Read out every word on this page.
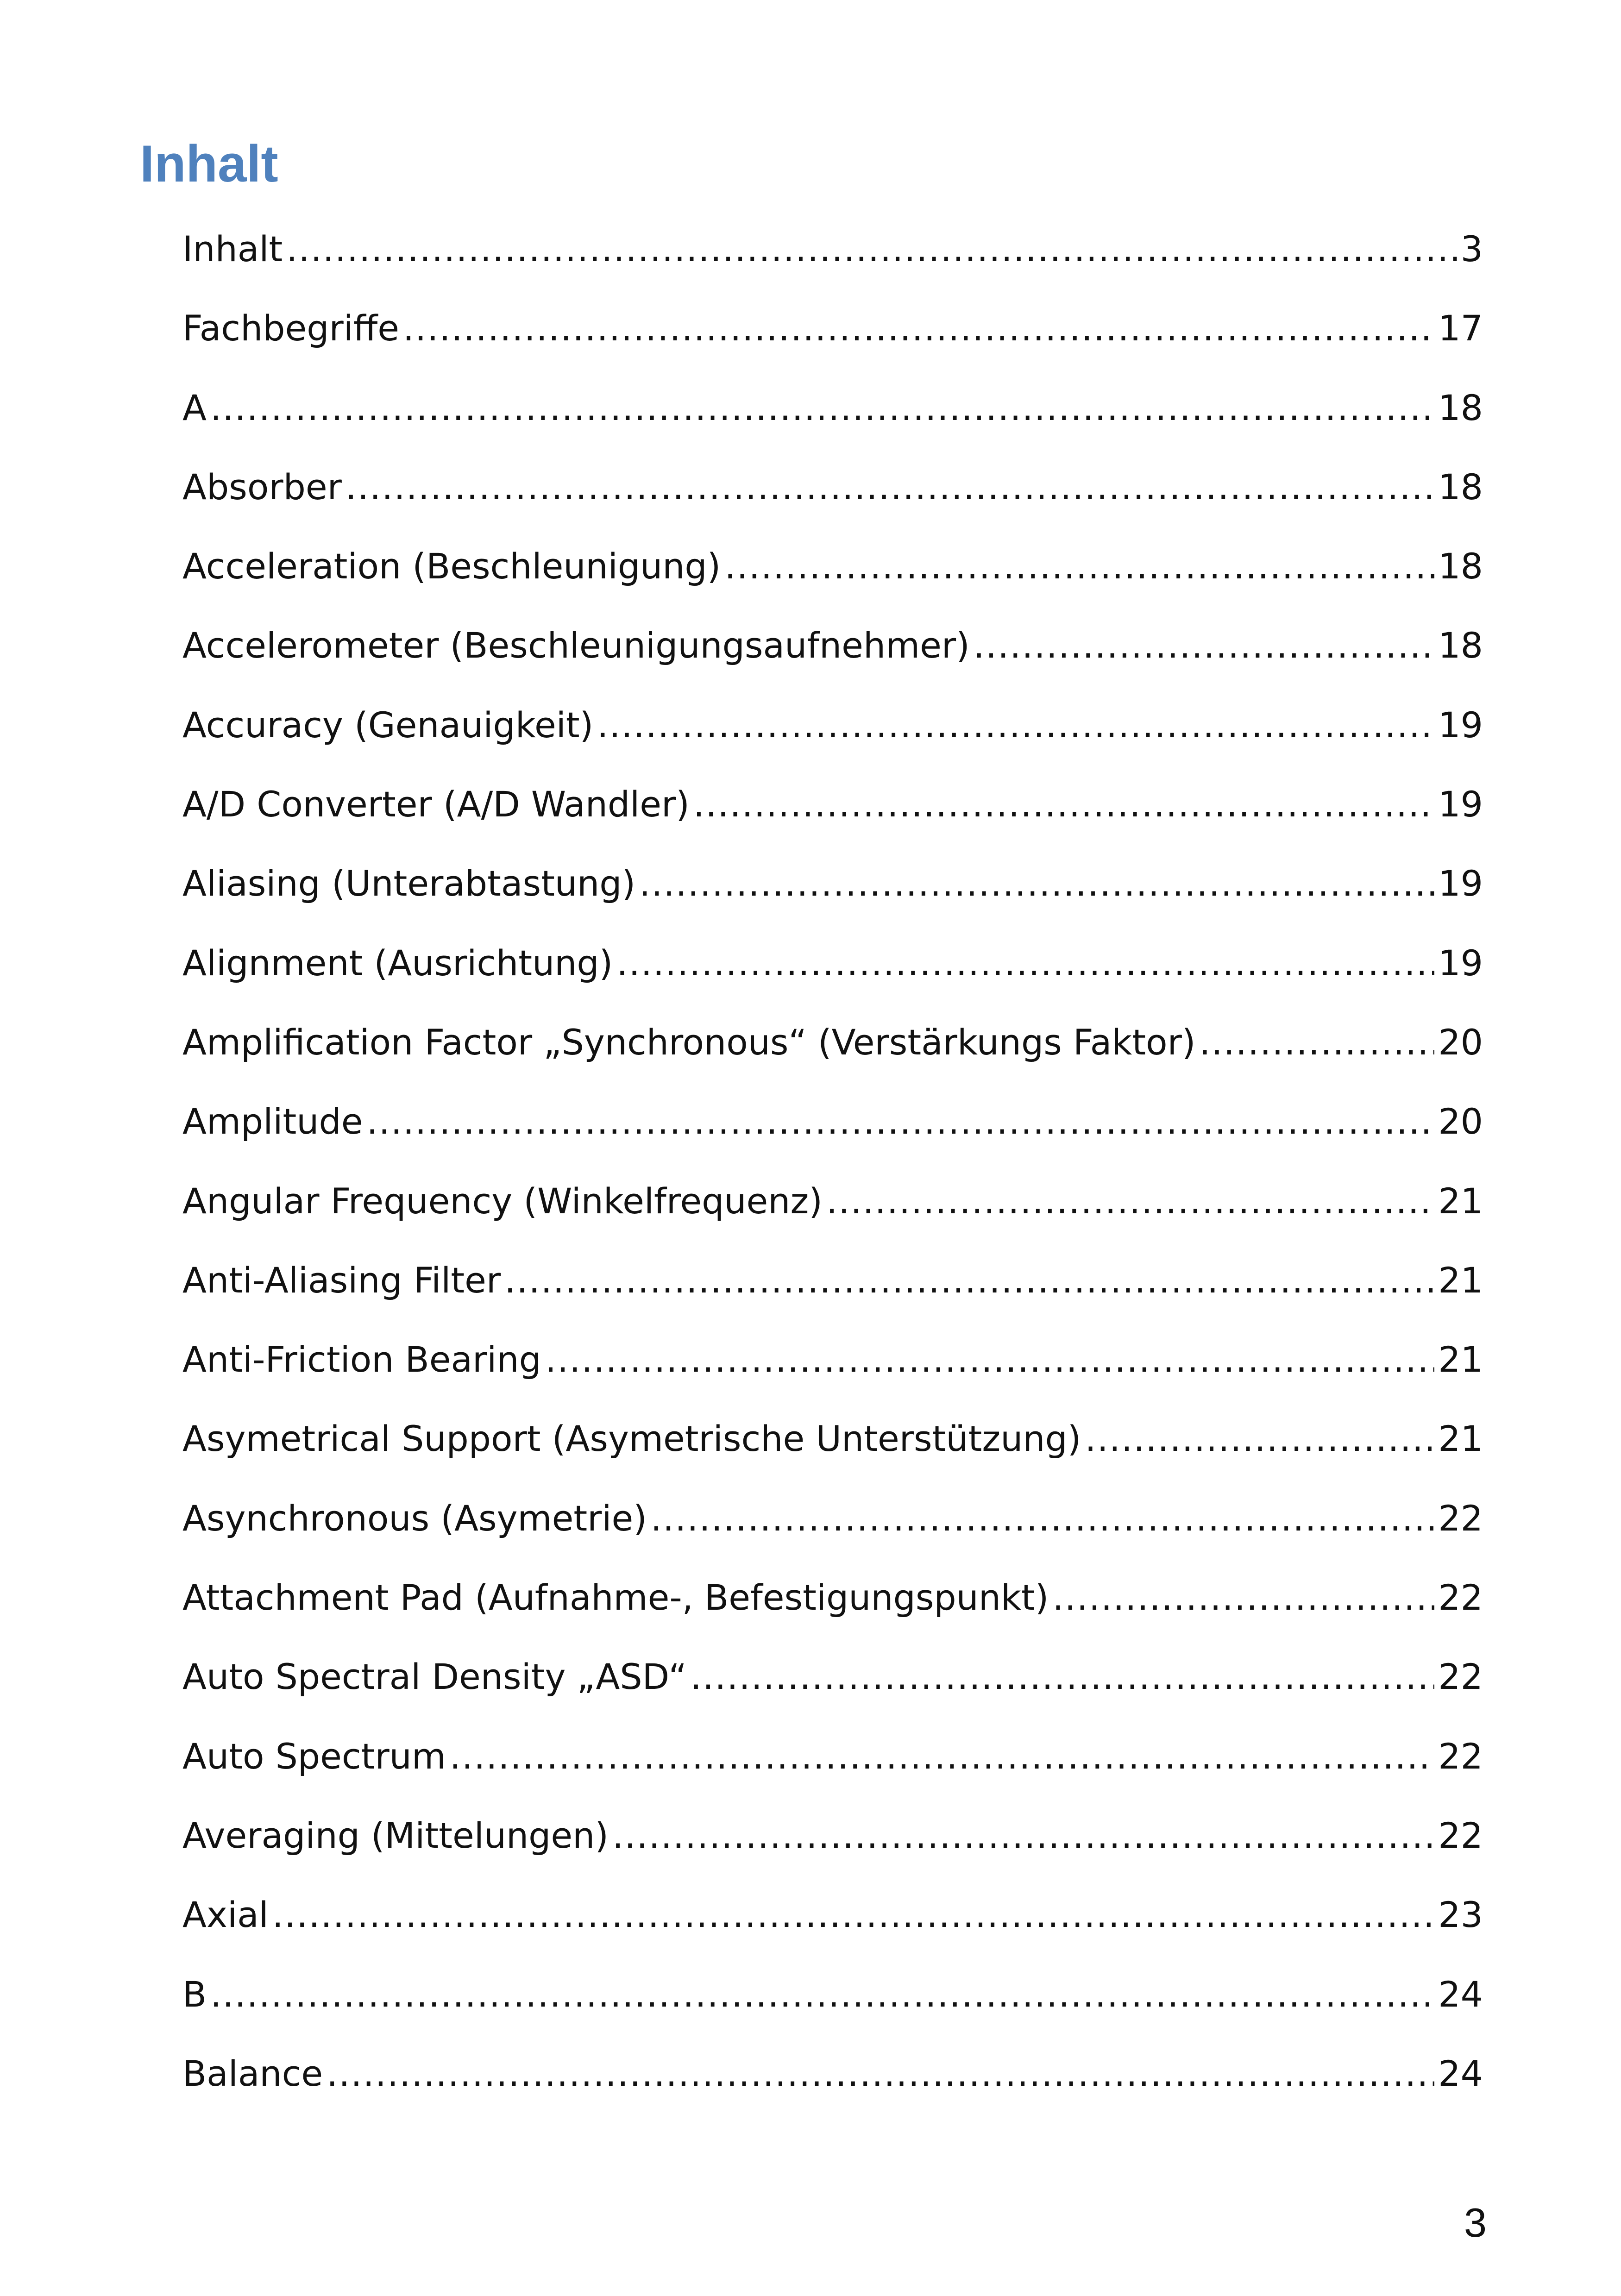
Inhalt
Inhalt .....	3
Fachbegriffe .....	17
A .....	18
Absorber .....	18
Acceleration (Beschleunigung) .....	18
Accelerometer (Beschleunigungsaufnehmer) .....	18
Accuracy (Genauigkeit) .....	19
A/D Converter (A/D Wandler) .....	19
Aliasing (Unterabtastung) .....	19
Alignment (Ausrichtung) .....	19
Amplification Factor „Synchronous“ (Verstärkungs Faktor) .....	20
Amplitude .....	20
Angular Frequency (Winkelfrequenz) .....	21
Anti-Aliasing Filter .....	21
Anti-Friction Bearing .....	21
Asymetrical Support (Asymetrische Unterstützung) .....	21
Asynchronous (Asymetrie) .....	22
Attachment Pad (Aufnahme-, Befestigungspunkt) .....	22
Auto Spectral Density „ASD“ .....	22
Auto Spectrum .....	22
Averaging (Mittelungen) .....	22
Axial .....	23
B .....	24
Balance .....	24
3
